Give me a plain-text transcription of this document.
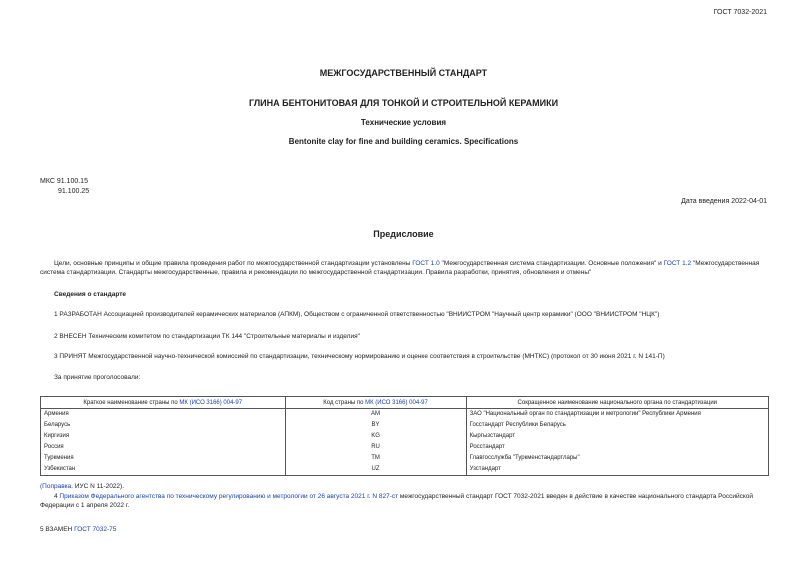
ГОСТ 7032-2021
МЕЖГОСУДАРСТВЕННЫЙ СТАНДАРТ
ГЛИНА БЕНТОНИТОВАЯ ДЛЯ ТОНКОЙ И СТРОИТЕЛЬНОЙ КЕРАМИКИ
Технические условия
Bentonite clay for fine and building ceramics. Specifications
МКС 91.100.15
91.100.25
Дата введения 2022-04-01
Предисловие
Цели, основные принципы и общие правила проведения работ по межгосударственной стандартизации установлены ГОСТ 1.0 "Межгосударственная система стандартизации. Основные положения" и ГОСТ 1.2 "Межгосударственная система стандартизации. Стандарты межгосударственные, правила и рекомендации по межгосударственной стандартизации. Правила разработки, принятия, обновления и отмены"
Сведения о стандарте
1 РАЗРАБОТАН Ассоциацией производителей керамических материалов (АПКМ), Обществом с ограниченной ответственностью "ВНИИСТРОМ "Научный центр керамики" (ООО "ВНИИСТРОМ "НЦК")
2 ВНЕСЕН Техническим комитетом по стандартизации ТК 144 "Строительные материалы и изделия"
3 ПРИНЯТ Межгосударственной научно-технической комиссией по стандартизации, техническому нормированию и оценке соответствия в строительстве (МНТКС) (протокол от 30 июня 2021 г. N 141-П)
За принятие проголосовали:
Краткое наименование страны по МК (ИСО 3166) 004-97	Код страны по МК (ИСО 3166) 004-97	Сокращенное наименование национального органа по стандартизации
Армения	AM	ЗАО "Национальный орган по стандартизации и метрологии" Республики Армения
Беларусь	BY	Госстандарт Республики Беларусь
Киргизия	KG	Кыргызстандарт
Россия	RU	Росстандарт
Туркмения	TM	Главгосслужба "Туркменстандартлары"
Узбекистан	UZ	Узстандарт
(Поправка. ИУС N 11-2022).
4 Приказом Федерального агентства по техническому регулированию и метрологии от 26 августа 2021 г. N 827-ст межгосударственный стандарт ГОСТ 7032-2021 введен в действие в качестве национального стандарта Российской Федерации с 1 апреля 2022 г.
5 ВЗАМЕН ГОСТ 7032-75
